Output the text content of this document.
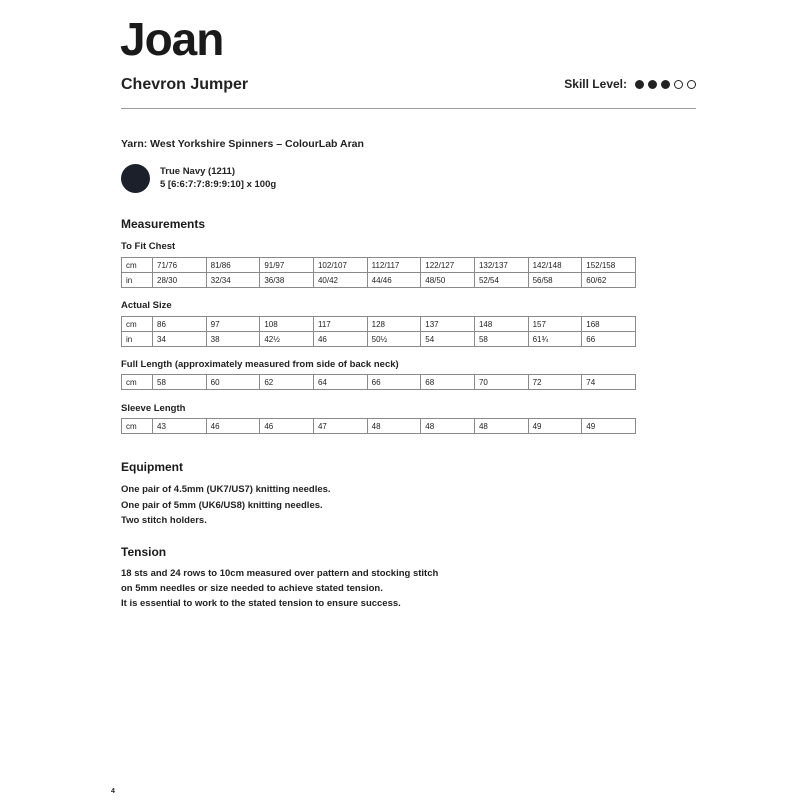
Joan
Chevron Jumper	Skill Level:
Yarn: West Yorkshire Spinners – ColourLab Aran
True Navy (1211)
5 [6:6:7:7:8:9:9:10] x 100g
Measurements
To Fit Chest
cm	71/76	81/86	91/97	102/107	112/117	122/127	132/137	142/148	152/158
in	28/30	32/34	36/38	40/42	44/46	48/50	52/54	56/58	60/62
Actual Size
cm	86	97	108	117	128	137	148	157	168
in	34	38	42½	46	50½	54	58	61¾	66
Full Length (approximately measured from side of back neck)
cm	58	60	62	64	66	68	70	72	74
Sleeve Length
cm	43	46	46	47	48	48	48	49	49
Equipment
One pair of 4.5mm (UK7/US7) knitting needles.
One pair of 5mm (UK6/US8) knitting needles.
Two stitch holders.
Tension
18 sts and 24 rows to 10cm measured over pattern and stocking stitch
on 5mm needles or size needed to achieve stated tension.
It is essential to work to the stated tension to ensure success.
4
